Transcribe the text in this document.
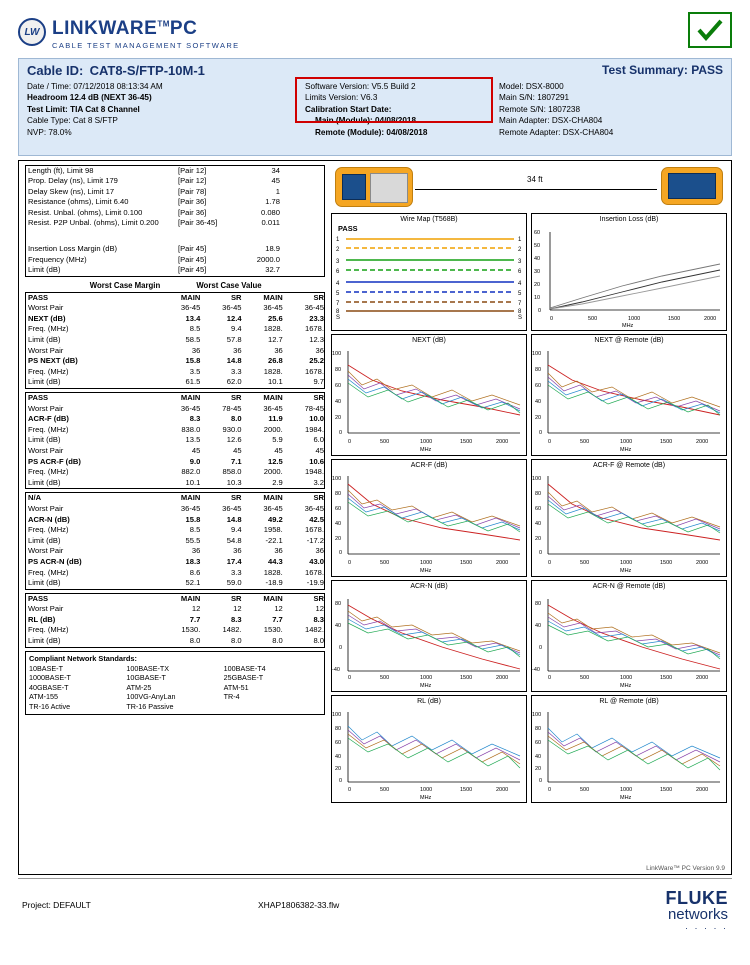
LW LINKWARE™PC
CABLE TEST MANAGEMENT SOFTWARE
Cable ID: CAT8-S/FTP-10M-1	Test Summary: PASS
Date / Time: 07/12/2018 08:13:34 AM
Headroom 12.4 dB (NEXT 36-45)
Test Limit: TIA Cat 8 Channel
Cable Type: Cat 8 S/FTP
NVP: 78.0%
Software Version: V5.5 Build 2
Limits Version: V6.3
Calibration Start Date:
Main (Module): 04/08/2018
Remote (Module): 04/08/2018
Model: DSX-8000
Main S/N: 1807291
Remote S/N: 1807238
Main Adapter: DSX-CHA804
Remote Adapter: DSX-CHA804
Length (ft), Limit 98	[Pair 12]	34	
Prop. Delay (ns), Limit 179	[Pair 12]	45	
Delay Skew (ns), Limit 17	[Pair 78]	1	
Resistance (ohms), Limit 6.40	[Pair 36]	1.78	
Resist. Unbal. (ohms), Limit 0.100	[Pair 36]	0.080	
Resist. P2P Unbal. (ohms), Limit 0.200	[Pair 36-45]	0.011	

Insertion Loss Margin (dB)	[Pair 45]	18.9	
Frequency (MHz)	[Pair 45]	2000.0	
Limit (dB)	[Pair 45]	32.7	
Worst Case Margin	Worst Case Value
PASS	MAIN	SR	MAIN	SR
Worst Pair	36-45	36-45	36-45	36-45
NEXT (dB)	13.4	12.4	25.6	23.3
Freq. (MHz)	8.5	9.4	1828.	1678.
Limit (dB)	58.5	57.8	12.7	12.3
Worst Pair	36	36	36	36
PS NEXT (dB)	15.8	14.8	26.8	25.2
Freq. (MHz)	3.5	3.3	1828.	1678.
Limit (dB)	61.5	62.0	10.1	9.7
PASS	MAIN	SR	MAIN	SR
Worst Pair	36-45	78-45	36-45	78-45
ACR-F (dB)	8.3	8.0	11.9	10.0
Freq. (MHz)	838.0	930.0	2000.	1984.
Limit (dB)	13.5	12.6	5.9	6.0
Worst Pair	45	45	45	45
PS ACR-F (dB)	9.0	7.1	12.5	10.6
Freq. (MHz)	882.0	858.0	2000.	1948.
Limit (dB)	10.1	10.3	2.9	3.2
N/A	MAIN	SR	MAIN	SR
Worst Pair	36-45	36-45	36-45	36-45
ACR-N (dB)	15.8	14.8	49.2	42.5
Freq. (MHz)	8.5	9.4	1958.	1678.
Limit (dB)	55.5	54.8	-22.1	-17.2
Worst Pair	36	36	36	36
PS ACR-N (dB)	18.3	17.4	44.3	43.0
Freq. (MHz)	8.6	3.3	1828.	1678.
Limit (dB)	52.1	59.0	-18.9	-19.9
PASS	MAIN	SR	MAIN	SR
Worst Pair	12	12	12	12
RL (dB)	7.7	8.3	7.7	8.3
Freq. (MHz)	1530.	1482.	1530.	1482.
Limit (dB)	8.0	8.0	8.0	8.0
Compliant Network Standards:
10BASE-T	100BASE-TX	100BASE-T4
1000BASE-T	10GBASE-T	25GBASE-T
40GBASE-T	ATM-25	ATM-51
ATM-155	100VG-AnyLan	TR-4
TR-16 Active	TR-16 Passive
34 ft
Wire Map (T568B)
PASS
1
2
3
6
4
5
7
8
1
2
3
6
4
5
7
8
S	S
Insertion Loss (dB)
60
50
40
30
20
10
0
0	500	1000	1500	2000
MHz
NEXT (dB)
100
80
60
40
20
0
0	500	1000	1500	2000
MHz
NEXT @ Remote (dB)
100
80
60
40
20
0
0	500	1000	1500	2000
MHz
ACR-F (dB)
100
80
60
40
20
0
0	500	1000	1500	2000
MHz
ACR-F @ Remote (dB)
100
80
60
40
20
0
0	500	1000	1500	2000
MHz
ACR-N (dB)
80
40
0
-40
0	500	1000	1500	2000
MHz
ACR-N @ Remote (dB)
80
40
0
-40
0	500	1000	1500	2000
MHz
RL (dB)
100
80
60
40
20
0
0	500	1000	1500	2000
MHz
RL @ Remote (dB)
100
80
60
40
20
0
0	500	1000	1500	2000
MHz
LinkWare™ PC Version 9.9
Project: DEFAULT	XHAP1806382-33.flw	FLUKE
networks
· · · · ·
